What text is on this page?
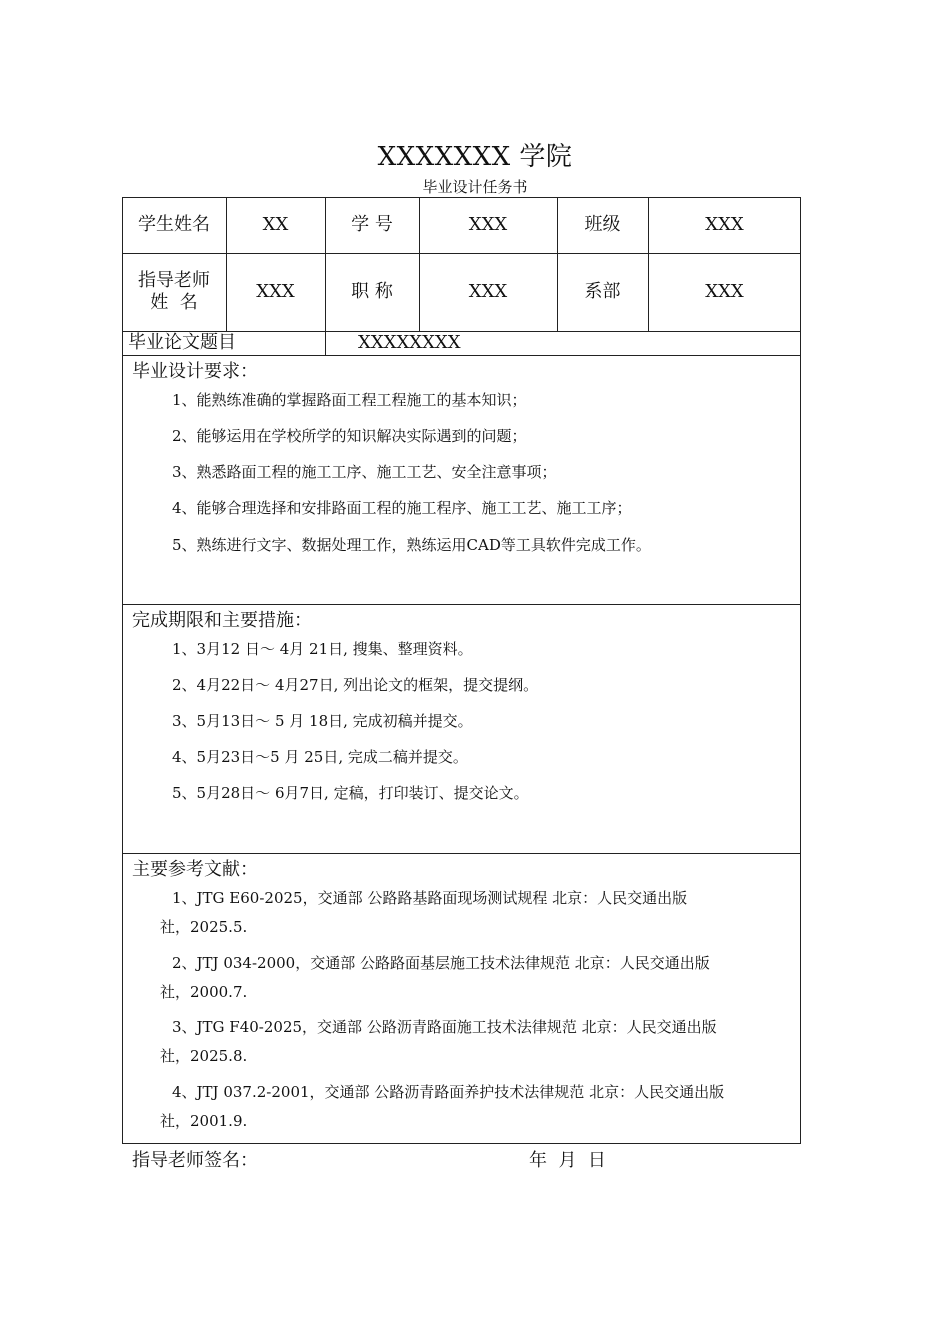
XXXXXXX 学院
毕业设计任务书
学生姓名	XX	学 号	XXX	班级	XXX
指导老师
姓  名
XXX	职 称	XXX	系部	XXX
毕业论文题目	XXXXXXXX
毕业设计要求：
1、能熟练准确的掌握路面工程工程施工的基本知识；
2、能够运用在学校所学的知识解决实际遇到的问题；
3、熟悉路面工程的施工工序、施工工艺、安全注意事项；
4、能够合理选择和安排路面工程的施工程序、施工工艺、施工工序；
5、熟练进行文字、数据处理工作，熟练运用CAD等工具软件完成工作。
完成期限和主要措施：
1、3月12 日～ 4月 21日, 搜集、整理资料。
2、4月22日～ 4月27日, 列出论文的框架，提交提纲。
3、5月13日～ 5 月 18日, 完成初稿并提交。
4、5月23日～5 月 25日, 完成二稿并提交。
5、5月28日～ 6月7日, 定稿，打印装订、提交论文。
主要参考文献：
1、JTG E60-2025，交通部 公路路基路面现场测试规程 北京：人民交通出版
社，2025.5.
2、JTJ 034-2000，交通部 公路路面基层施工技术法律规范 北京：人民交通出版
社，2000.7.
3、JTG F40-2025，交通部 公路沥青路面施工技术法律规范 北京：人民交通出版
社，2025.8.
4、JTJ 037.2-2001，交通部 公路沥青路面养护技术法律规范 北京：人民交通出版
社，2001.9.
指导老师签名：	年  月  日
